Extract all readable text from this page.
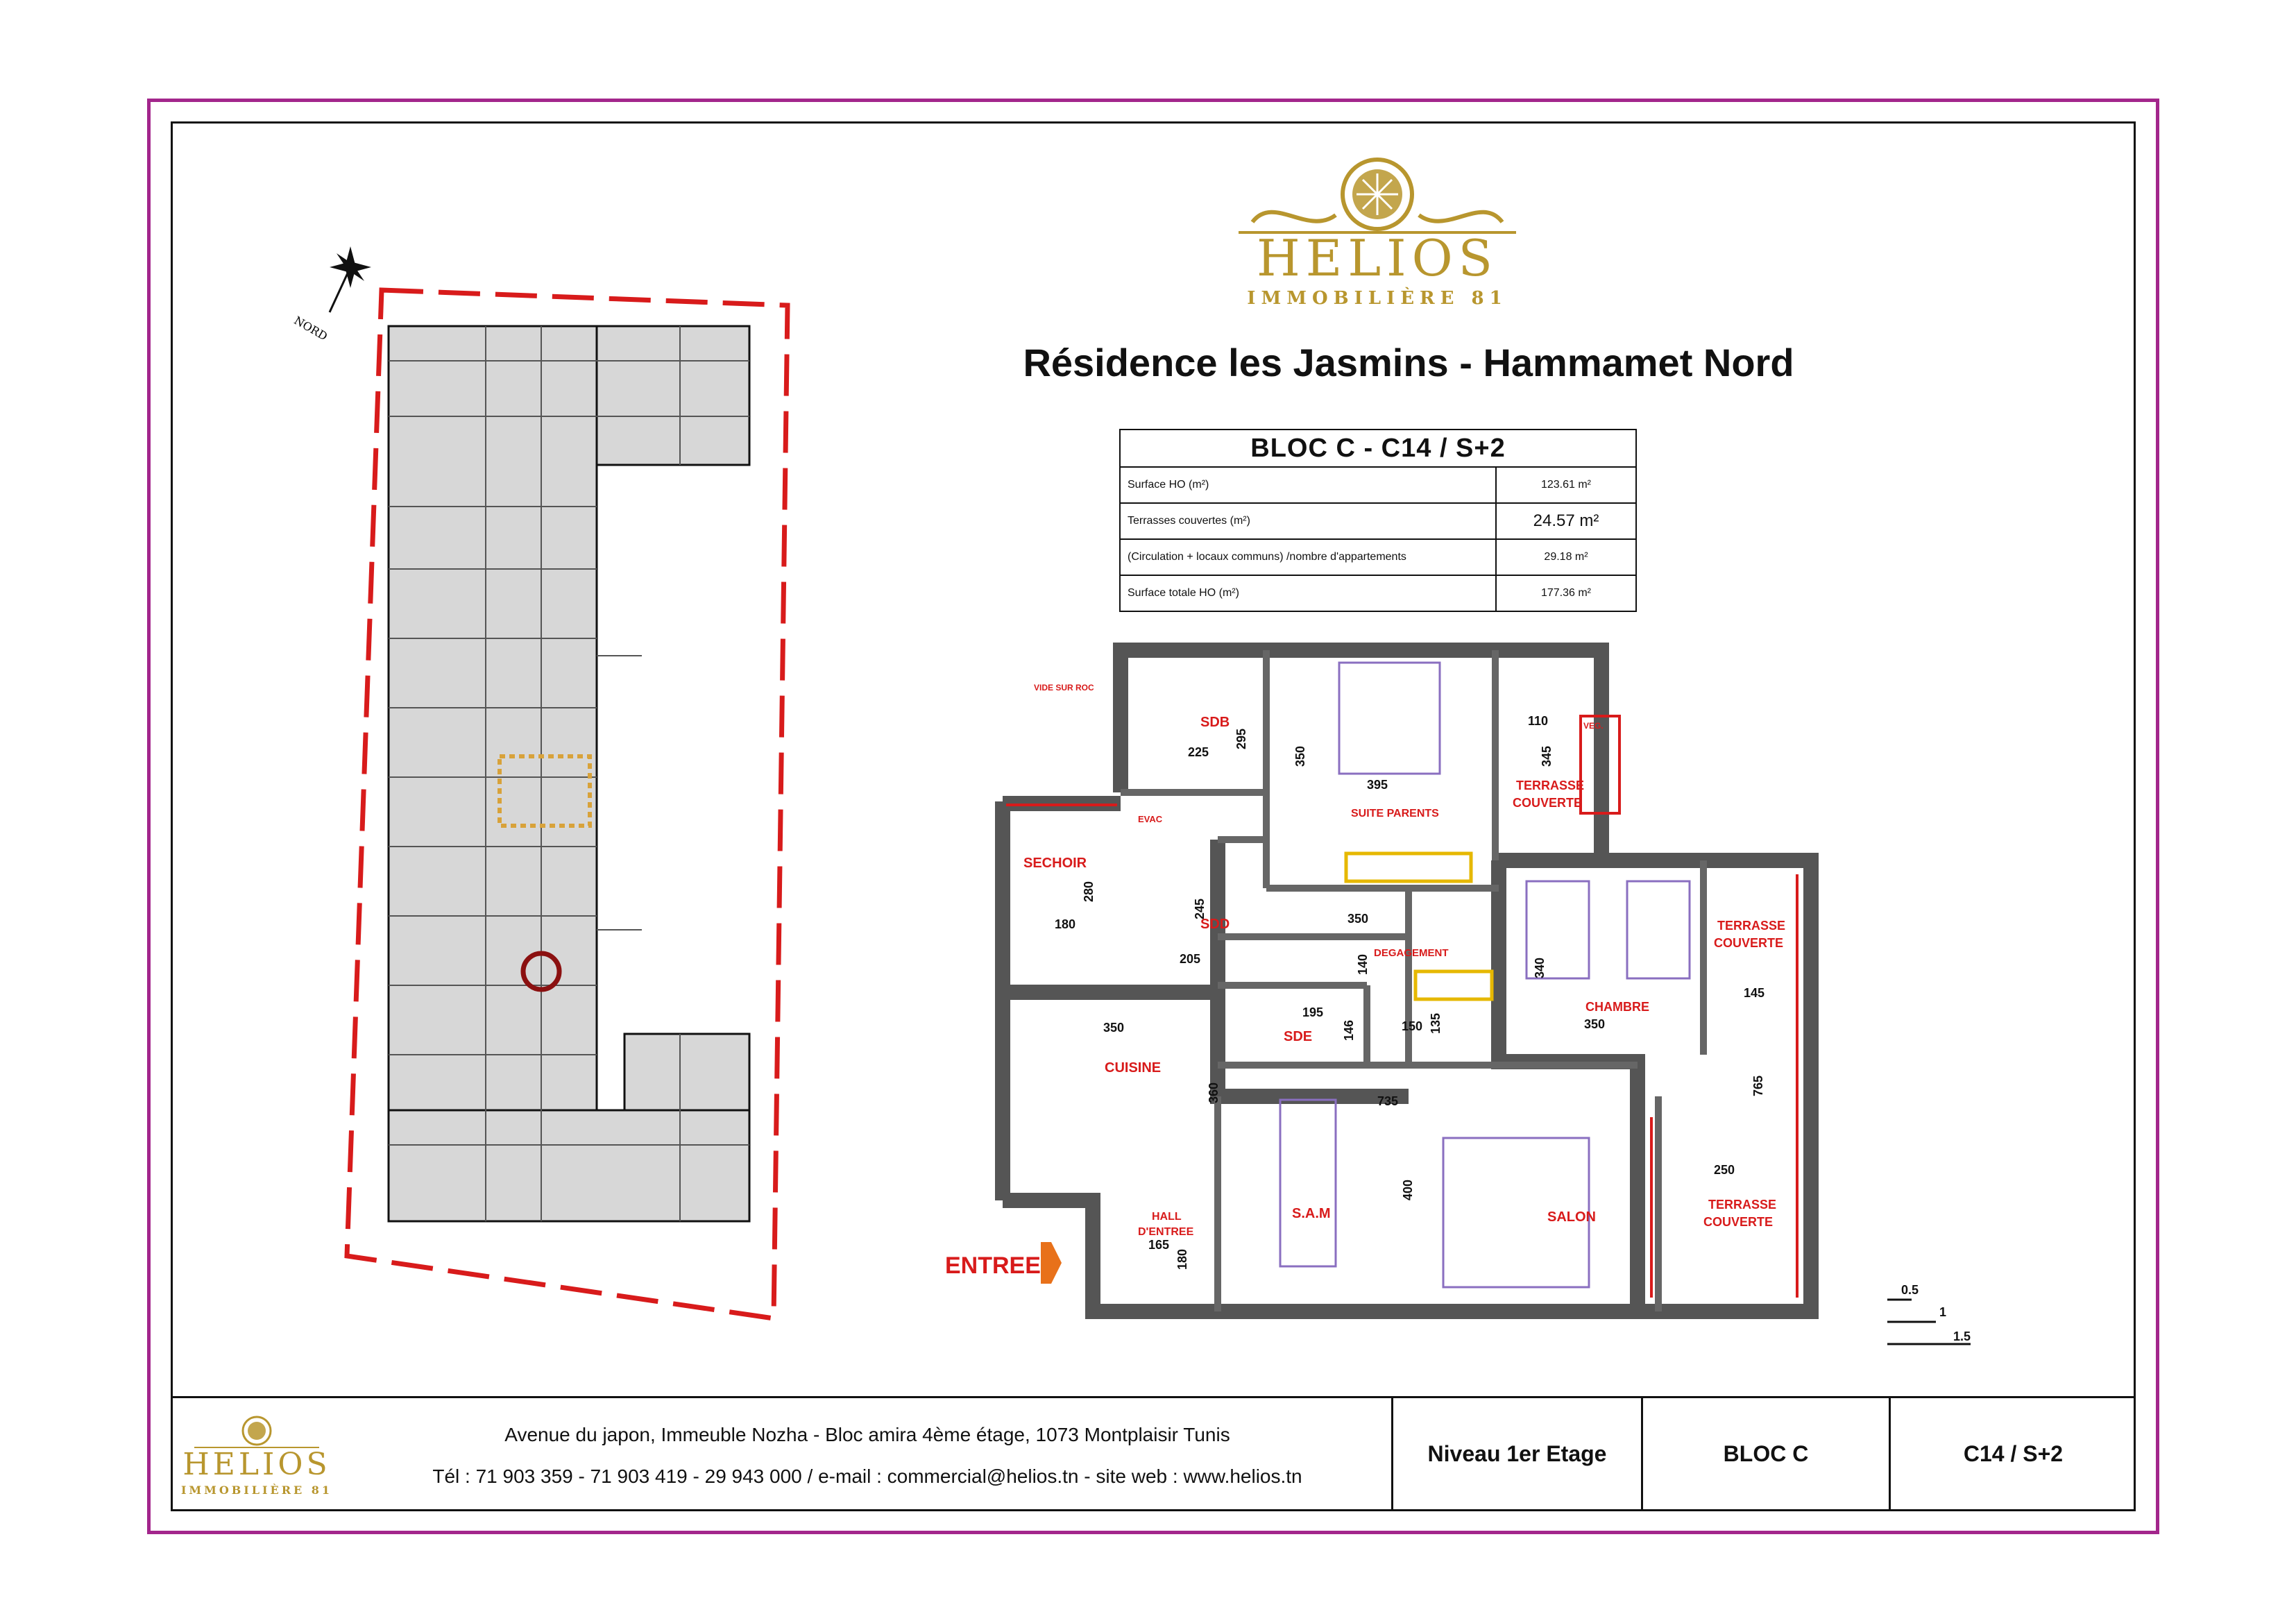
NORD
SDB
SUITE PARENTS
TERRASSE
COUVERTE
VIDE SUR ROC
VEG.
SECHOIR
EVAC
SDD
DEGAGEMENT
CHAMBRE
TERRASSE
COUVERTE
CUISINE
SDE
HALL
D'ENTREE
S.A.M	SALON
TERRASSE
COUVERTE
ENTREE
225
295
350
395
110
345
280
180
245
205	140
350
340
350
145
350
360
195
146	150 135
735
765
400
250
165
180
0.5
1
1.5
HELIOS
IMMOBILIÈRE 81
Résidence les Jasmins - Hammamet Nord
BLOC C - C14 / S+2	
Surface HO (m²)	123.61 m²
Terrasses couvertes (m²)	24.57 m²
(Circulation + locaux communs) /nombre d'appartements	29.18 m²
Surface totale HO (m²)	177.36 m²
HELIOS
IMMOBILIÈRE 81
Avenue du japon, Immeuble Nozha - Bloc amira 4ème étage, 1073 Montplaisir Tunis
Tél : 71 903 359 - 71 903 419 - 29 943 000 / e-mail : commercial@helios.tn - site web : www.helios.tn
Niveau 1er Etage	BLOC C	C14 / S+2
